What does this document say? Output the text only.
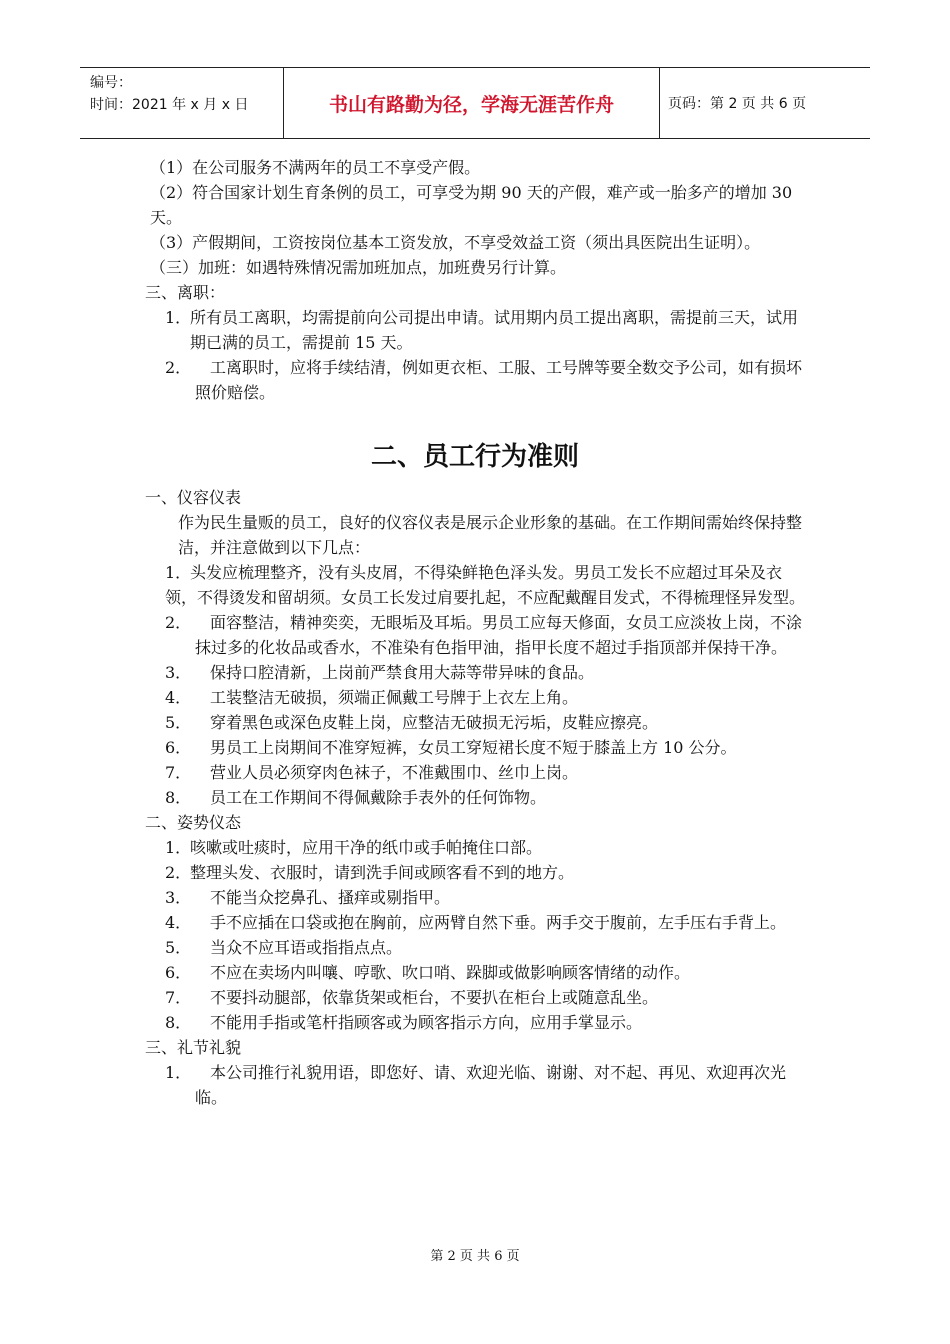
编号：
时间：2021 年 x 月 x 日	书山有路勤为径，学海无涯苦作舟	页码：第 2 页 共 6 页

（1）在公司服务不满两年的员工不享受产假。

（2）符合国家计划生育条例的员工，可享受为期 90 天的产假，难产或一胎多产的增加 30 天。

（3）产假期间，工资按岗位基本工资发放，不享受效益工资（须出具医院出生证明）。

（三）加班：如遇特殊情况需加班加点，加班费另行计算。

三、离职：

1．
所有员工离职，均需提前向公司提出申请。试用期内员工提出离职，需提前三天，试用期已满的员工，需提前 15 天。
2．	工离职时，应将手续结清，例如更衣柜、工服、工号牌等要全数交予公司，如有损坏照价赔偿。
二、员工行为准则

一、仪容仪表

作为民生量贩的员工，良好的仪容仪表是展示企业形象的基础。在工作期间需始终保持整洁，并注意做到以下几点：

1．
头发应梳理整齐，没有头皮屑，不得染鲜艳色泽头发。男员工发长不应超过耳朵及衣领，不得烫发和留胡须。女员工长发过肩要扎起，不应配戴醒目发式，不得梳理怪异发型。
2．	面容整洁，精神奕奕，无眼垢及耳垢。男员工应每天修面，女员工应淡妆上岗，不涂抹过多的化妆品或香水，不准染有色指甲油，指甲长度不超过手指顶部并保持干净。
3．	保持口腔清新，上岗前严禁食用大蒜等带异味的食品。
4．	工装整洁无破损，须端正佩戴工号牌于上衣左上角。
5．	穿着黑色或深色皮鞋上岗，应整洁无破损无污垢，皮鞋应擦亮。
6．	男员工上岗期间不准穿短裤，女员工穿短裙长度不短于膝盖上方 10 公分。
7．	营业人员必须穿肉色袜子，不准戴围巾、丝巾上岗。
8．	员工在工作期间不得佩戴除手表外的任何饰物。

二、姿势仪态

1．
咳嗽或吐痰时，应用干净的纸巾或手帕掩住口部。
2．
整理头发、衣服时，请到洗手间或顾客看不到的地方。
3．	不能当众挖鼻孔、搔痒或剔指甲。
4．	手不应插在口袋或抱在胸前，应两臂自然下垂。两手交于腹前，左手压右手背上。
5．	当众不应耳语或指指点点。
6．	不应在卖场内叫嚷、哼歌、吹口哨、跺脚或做影响顾客情绪的动作。
7．	不要抖动腿部，依靠货架或柜台，不要扒在柜台上或随意乱坐。
8．	不能用手指或笔杆指顾客或为顾客指示方向，应用手掌显示。

三、礼节礼貌

1．	本公司推行礼貌用语，即您好、请、欢迎光临、谢谢、对不起、再见、欢迎再次光临。
第 2 页 共 6 页
